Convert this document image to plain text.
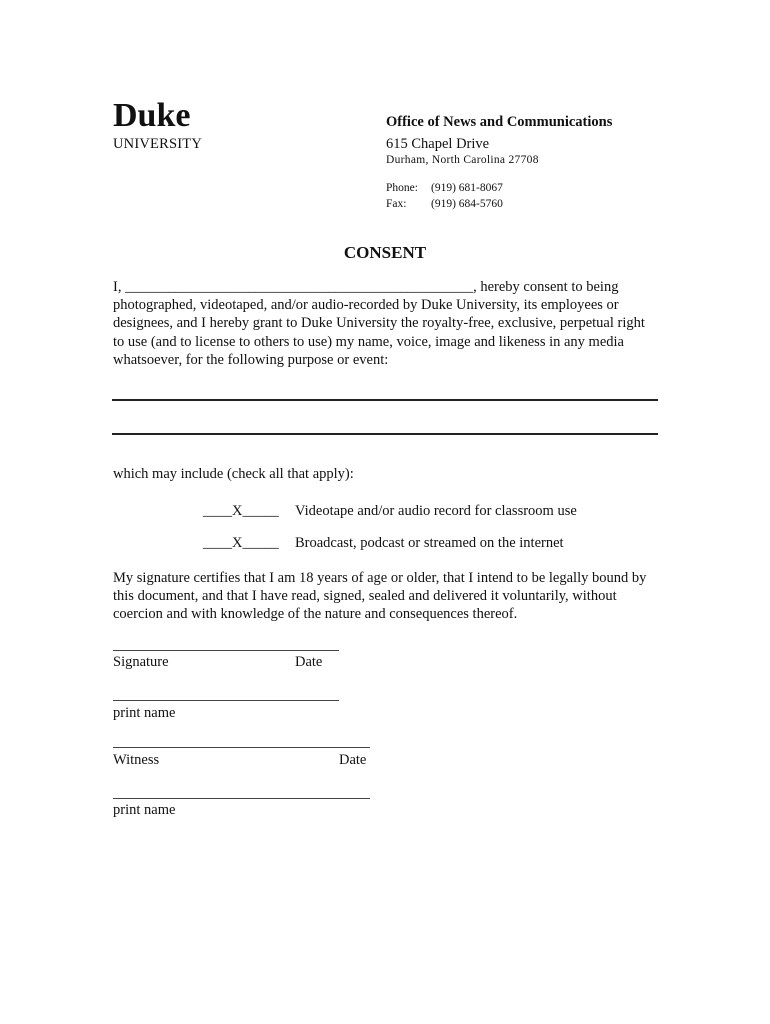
Duke
UNIVERSITY
Office of News and Communications
615 Chapel Drive
Durham, North Carolina 27708
Phone: (919) 681-8067
Fax: (919) 684-5760
CONSENT
I, ________________________________________________, hereby consent to being photographed, videotaped, and/or audio-recorded by Duke University, its employees or designees, and I hereby grant to Duke University the royalty-free, exclusive, perpetual right to use (and to license to others to use) my name, voice, image and likeness in any media whatsoever, for the following purpose or event:
which may include (check all that apply):
____X_____ Videotape and/or audio record for classroom use
____X_____ Broadcast, podcast or streamed on the internet
My signature certifies that I am 18 years of age or older, that I intend to be legally bound by this document, and that I have read, signed, sealed and delivered it voluntarily, without coercion and with knowledge of the nature and consequences thereof.
Signature	Date
print name
Witness	Date
print name
